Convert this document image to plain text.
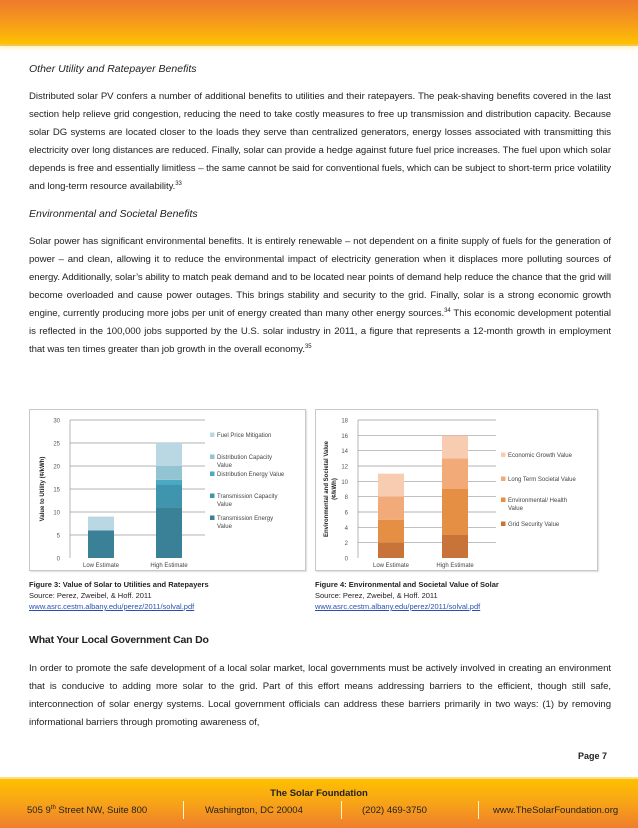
Other Utility and Ratepayer Benefits

Distributed solar PV confers a number of additional benefits to utilities and their ratepayers. The peak-shaving benefits covered in the last section help relieve grid congestion, reducing the need to take costly measures to free up transmission and distribution capacity. Because solar DG systems are located closer to the loads they serve than centralized generators, energy losses associated with transmitting this electricity over long distances are reduced. Finally, solar can provide a hedge against future fuel price increases. The fuel upon which solar depends is free and essentially limitless – the same cannot be said for conventional fuels, which can be subject to short-term price volatility and long-term resource availability.$^{33}$

Environmental and Societal Benefits

Solar power has significant environmental benefits. It is entirely renewable – not dependent on a finite supply of fuels for the generation of power – and clean, allowing it to reduce the environmental impact of electricity generation when it displaces more polluting sources of energy. Additionally, solar’s ability to match peak demand and to be located near points of demand help reduce the chance that the grid will become overloaded and cause power outages. This brings stability and security to the grid. Finally, solar is a strong economic growth engine, currently producing more jobs per unit of energy created than many other energy sources.$^{34}$ This economic development potential is reflected in the 100,000 jobs supported by the U.S. solar industry in 2011, a figure that represents a 12-month growth in employment that was ten times greater than job growth in the overall economy.$^{35}$

0
5
10
15
20
25
30
Value to Utility (¢/kWh)
Low Estimate	High Estimate
Fuel Price Mitigation
Distribution Capacity Value
Distribution Energy Value
Transmission Capacity Value
Transmission Energy Value
Figure 3: Value of Solar to Utilities and Ratepayers
Source: Perez, Zweibel, & Hoff. 2011
www.asrc.cestm.albany.edu/perez/2011/solval.pdf
0
2
4
6
8
10
12
14
16
18
Environmental and Societal Value (¢/kWh)
Low Estimate	High Estimate
Economic Growth Value
Long Term Societal Value
Environmental/ Health Value
Grid Security Value
Figure 4: Environmental and Societal Value of Solar
Source: Perez, Zweibel, & Hoff. 2011
www.asrc.cestm.albany.edu/perez/2011/solval.pdf

What Your Local Government Can Do

In order to promote the safe development of a local solar market, local governments must be actively involved in creating an environment that is conducive to adding more solar to the grid. Part of this effort means addressing barriers to the efficient, though still safe, interconnection of solar energy systems. Local government officials can address these barriers primarily in two ways: (1) by removing informational barriers through promoting awareness of,

Page 7
The Solar Foundation
505 9th Street NW, Suite 800	Washington, DC 20004	(202) 469-3750	www.TheSolarFoundation.org
